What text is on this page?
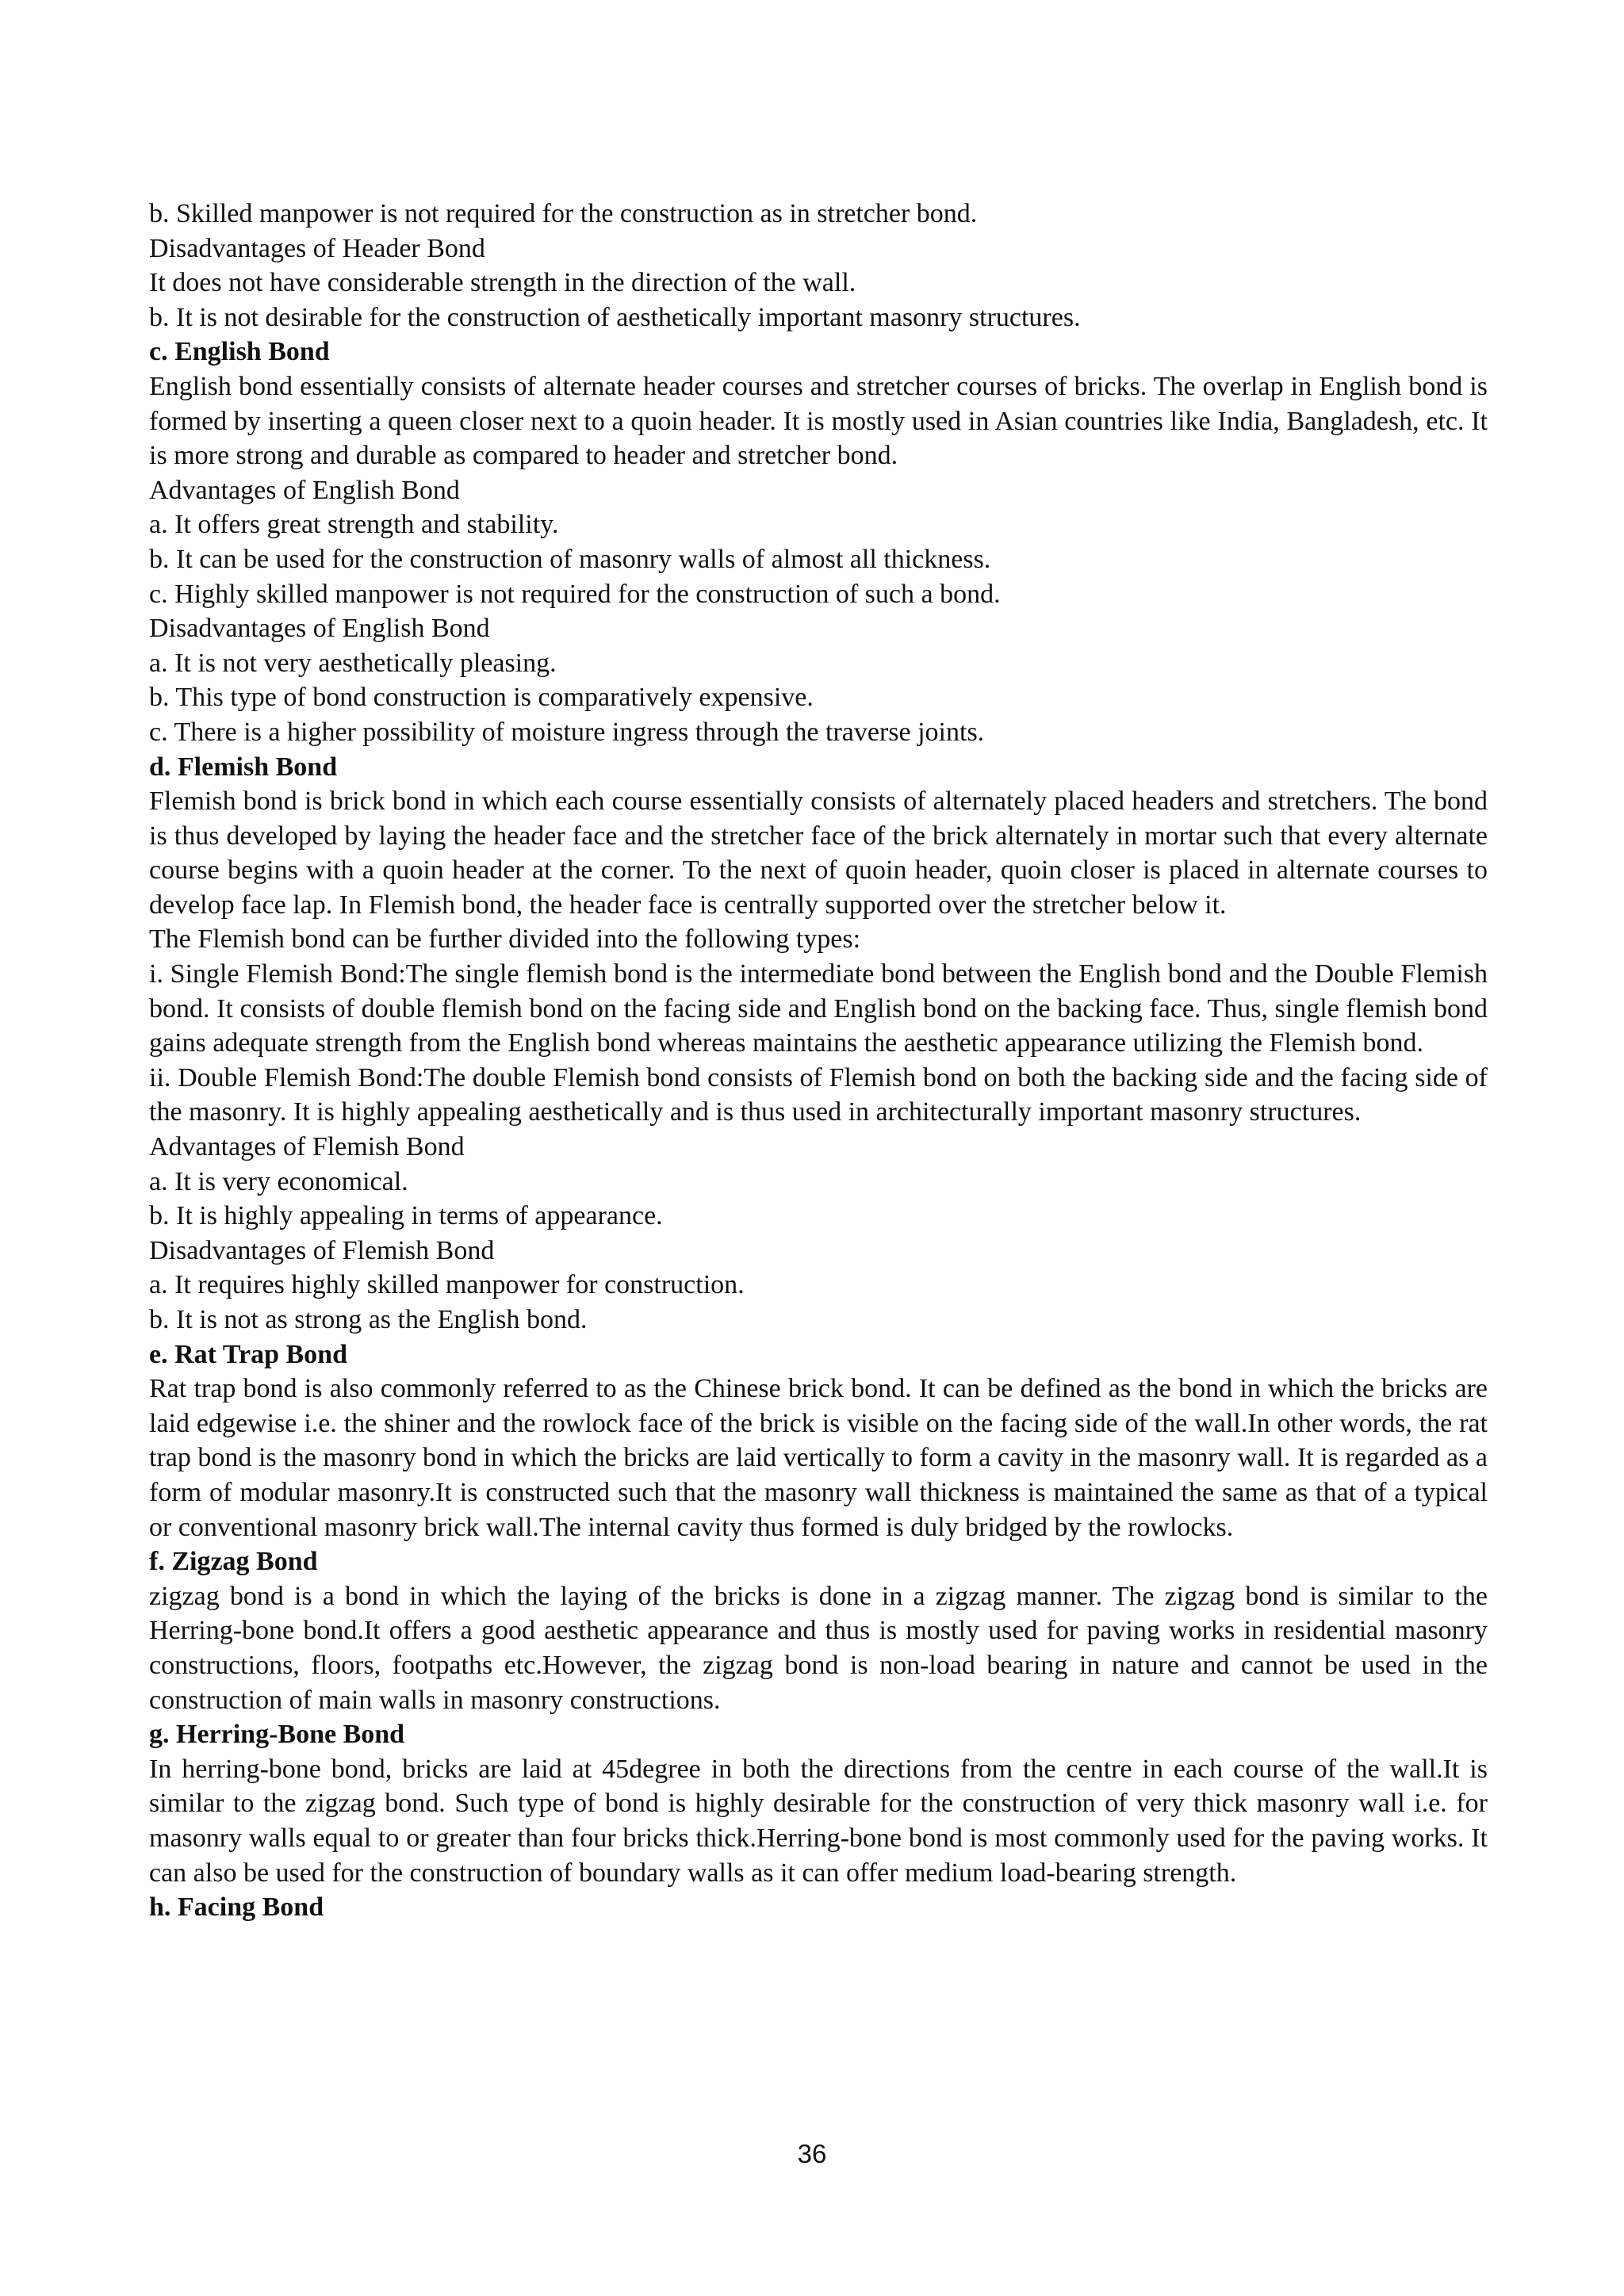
b. Skilled manpower is not required for the construction as in stretcher bond.

Disadvantages of Header Bond

It does not have considerable strength in the direction of the wall.

b. It is not desirable for the construction of aesthetically important masonry structures.

c. English Bond

English bond essentially consists of alternate header courses and stretcher courses of bricks. The overlap in English bond is formed by inserting a queen closer next to a quoin header. It is mostly used in Asian countries like India, Bangladesh, etc. It is more strong and durable as compared to header and stretcher bond.

Advantages of English Bond

a. It offers great strength and stability.

b. It can be used for the construction of masonry walls of almost all thickness.

c. Highly skilled manpower is not required for the construction of such a bond.

Disadvantages of English Bond

a. It is not very aesthetically pleasing.

b. This type of bond construction is comparatively expensive.

c. There is a higher possibility of moisture ingress through the traverse joints.

d. Flemish Bond

Flemish bond is brick bond in which each course essentially consists of alternately placed headers and stretchers. The bond is thus developed by laying the header face and the stretcher face of the brick alternately in mortar such that every alternate course begins with a quoin header at the corner. To the next of quoin header, quoin closer is placed in alternate courses to develop face lap. In Flemish bond, the header face is centrally supported over the stretcher below it.

The Flemish bond can be further divided into the following types:

i. Single Flemish Bond:The single flemish bond is the intermediate bond between the English bond and the Double Flemish bond. It consists of double flemish bond on the facing side and English bond on the backing face. Thus, single flemish bond gains adequate strength from the English bond whereas maintains the aesthetic appearance utilizing the Flemish bond.

ii. Double Flemish Bond:The double Flemish bond consists of Flemish bond on both the backing side and the facing side of the masonry. It is highly appealing aesthetically and is thus used in architecturally important masonry structures.

Advantages of Flemish Bond

a. It is very economical.

b. It is highly appealing in terms of appearance.

Disadvantages of Flemish Bond

a. It requires highly skilled manpower for construction.

b. It is not as strong as the English bond.

e. Rat Trap Bond

Rat trap bond is also commonly referred to as the Chinese brick bond. It can be defined as the bond in which the bricks are laid edgewise i.e. the shiner and the rowlock face of the brick is visible on the facing side of the wall.In other words, the rat trap bond is the masonry bond in which the bricks are laid vertically to form a cavity in the masonry wall. It is regarded as a form of modular masonry.It is constructed such that the masonry wall thickness is maintained the same as that of a typical or conventional masonry brick wall.The internal cavity thus formed is duly bridged by the rowlocks.

f. Zigzag Bond

zigzag bond is a bond in which the laying of the bricks is done in a zigzag manner. The zigzag bond is similar to the Herring-bone bond.It offers a good aesthetic appearance and thus is mostly used for paving works in residential masonry constructions, floors, footpaths etc.However, the zigzag bond is non-load bearing in nature and cannot be used in the construction of main walls in masonry constructions.

g. Herring-Bone Bond

In herring-bone bond, bricks are laid at 45degree in both the directions from the centre in each course of the wall.It is similar to the zigzag bond. Such type of bond is highly desirable for the construction of very thick masonry wall i.e. for masonry walls equal to or greater than four bricks thick.Herring-bone bond is most commonly used for the paving works. It can also be used for the construction of boundary walls as it can offer medium load-bearing strength.

h. Facing Bond

36
